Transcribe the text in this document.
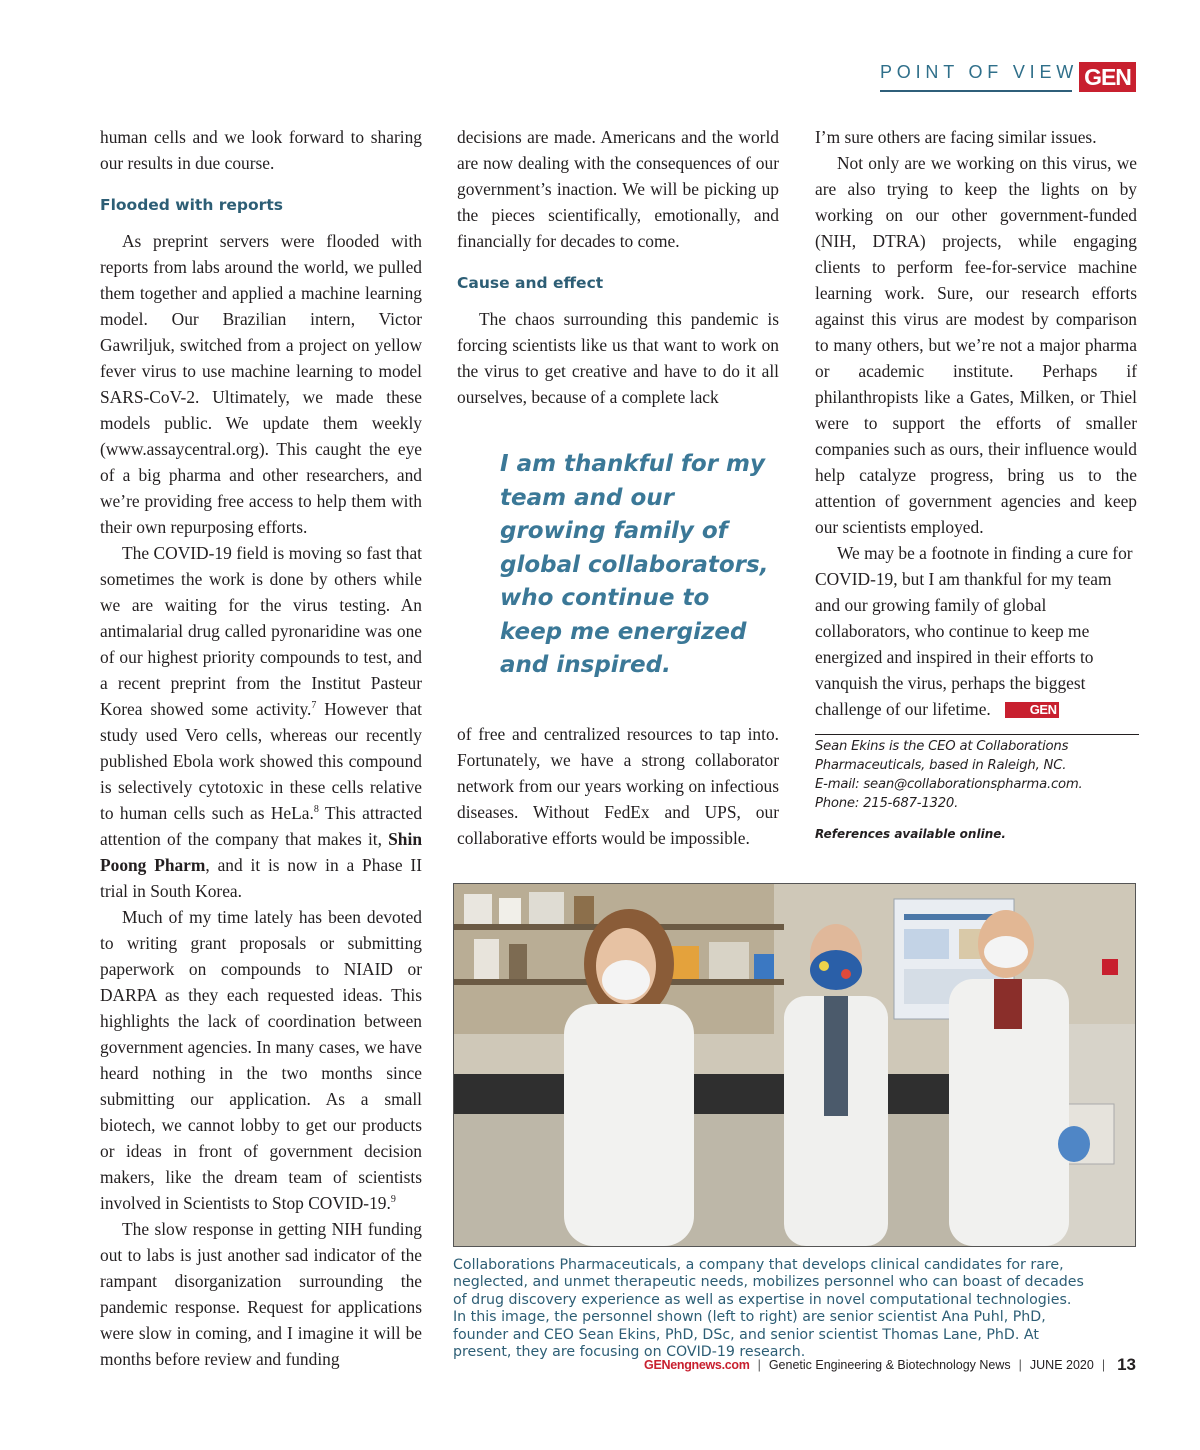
POINT OF VIEW GEN

human cells and we look forward to sharing our results in due course.

Flooded with reports

As preprint servers were flooded with reports from labs around the world, we pulled them together and applied a machine learning model. Our Brazilian intern, Victor Gawriljuk, switched from a project on yellow fever virus to use machine learning to model SARS-CoV-2. Ultimately, we made these models public. We update them weekly (www.assaycentral.org). This caught the eye of a big pharma and other researchers, and we’re providing free access to help them with their own repurposing efforts.

The COVID-19 field is moving so fast that sometimes the work is done by others while we are waiting for the virus testing. An antimalarial drug called pyronaridine was one of our highest priority compounds to test, and a recent preprint from the Institut Pasteur Korea showed some activity.$^7$ However that study used Vero cells, whereas our recently published Ebola work showed this compound is selectively cytotoxic in these cells relative to human cells such as HeLa.$^8$ This attracted attention of the company that makes it, Shin Poong Pharm, and it is now in a Phase II trial in South Korea.

Much of my time lately has been devoted to writing grant proposals or submitting paperwork on compounds to NIAID or DARPA as they each requested ideas. This highlights the lack of coordination between government agencies. In many cases, we have heard nothing in the two months since submitting our application. As a small biotech, we cannot lobby to get our products or ideas in front of government decision makers, like the dream team of scientists involved in Scientists to Stop COVID-19.$^9$

The slow response in getting NIH funding out to labs is just another sad indicator of the rampant disorganization surrounding the pandemic response. Request for applications were slow in coming, and I imagine it will be months before review and funding

decisions are made. Americans and the world are now dealing with the consequences of our government’s inaction. We will be picking up the pieces scientifically, emotionally, and financially for decades to come.

Cause and effect

The chaos surrounding this pandemic is forcing scientists like us that want to work on the virus to get creative and have to do it all ourselves, because of a complete lack

I am thankful for my team and our growing family of global collaborators, who continue to keep me energized and inspired.

of free and centralized resources to tap into. Fortunately, we have a strong collaborator network from our years working on infectious diseases. Without FedEx and UPS, our collaborative efforts would be impossible.

I’m sure others are facing similar issues.

Not only are we working on this virus, we are also trying to keep the lights on by working on our other government-funded (NIH, DTRA) projects, while engaging clients to perform fee-for-service machine learning work. Sure, our research efforts against this virus are modest by comparison to many others, but we’re not a major pharma or academic institute. Perhaps if philanthropists like a Gates, Milken, or Thiel were to support the efforts of smaller companies such as ours, their influence would help catalyze progress, bring us to the attention of government agencies and keep our scientists employed.

We may be a footnote in finding a cure for COVID-19, but I am thankful for my team and our growing family of global collaborators, who continue to keep me energized and inspired in their efforts to vanquish the virus, perhaps the biggest challenge of our lifetime.	GEN

Sean Ekins is the CEO at Collaborations
Pharmaceuticals, based in Raleigh, NC.
E-mail: sean@collaborationspharma.com.
Phone: 215-687-1320.
References available online.
Collaborations Pharmaceuticals, a company that develops clinical candidates for rare,
neglected, and unmet therapeutic needs, mobilizes personnel who can boast of decades
of drug discovery experience as well as expertise in novel computational technologies.
In this image, the personnel shown (left to right) are senior scientist Ana Puhl, PhD,
founder and CEO Sean Ekins, PhD, DSc, and senior scientist Thomas Lane, PhD. At
present, they are focusing on COVID-19 research.
GENengnews.com | Genetic Engineering & Biotechnology News | JUNE 2020 | 13
